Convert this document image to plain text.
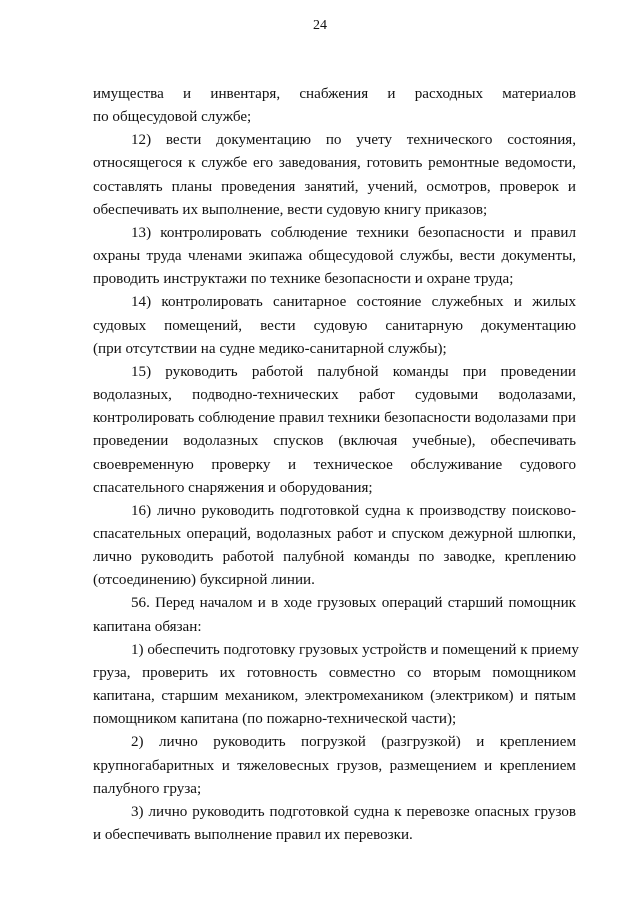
24
имущества и инвентаря, снабжения и расходных материалов
по общесудовой службе;
12) вести документацию по учету технического состояния,
относящегося к службе его заведования, готовить ремонтные ведомости,
составлять планы проведения занятий, учений, осмотров, проверок и
обеспечивать их выполнение, вести судовую книгу приказов;
13) контролировать соблюдение техники безопасности и правил
охраны труда членами экипажа общесудовой службы, вести документы,
проводить инструктажи по технике безопасности и охране труда;
14) контролировать санитарное состояние служебных и жилых
судовых помещений, вести судовую санитарную документацию
(при отсутствии на судне медико-санитарной службы);
15) руководить работой палубной команды при проведении
водолазных, подводно-технических работ судовыми водолазами,
контролировать соблюдение правил техники безопасности водолазами при
проведении водолазных спусков (включая учебные), обеспечивать
своевременную проверку и техническое обслуживание судового
спасательного снаряжения и оборудования;
16) лично руководить подготовкой судна к производству поисково-
спасательных операций, водолазных работ и спуском дежурной шлюпки,
лично руководить работой палубной команды по заводке, креплению
(отсоединению) буксирной линии.
56. Перед началом и в ходе грузовых операций старший помощник
капитана обязан:
1) обеспечить подготовку грузовых устройств и помещений к приему
груза, проверить их готовность совместно со вторым помощником
капитана, старшим механиком, электромехаником (электриком) и пятым
помощником капитана (по пожарно-технической части);
2) лично руководить погрузкой (разгрузкой) и креплением
крупногабаритных и тяжеловесных грузов, размещением и креплением
палубного груза;
3) лично руководить подготовкой судна к перевозке опасных грузов
и обеспечивать выполнение правил их перевозки.
